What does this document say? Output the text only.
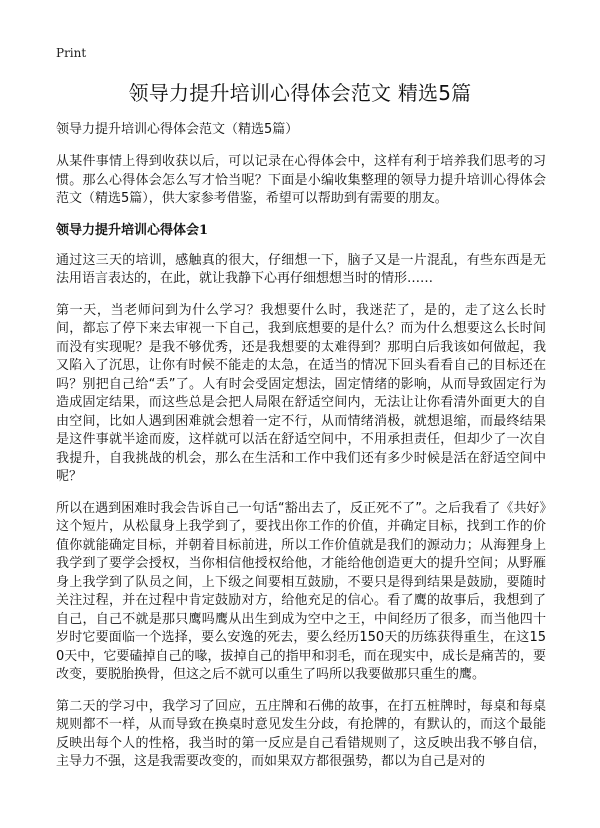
Print
领导力提升培训心得体会范文 精选5篇
领导力提升培训心得体会范文（精选5篇）

从某件事情上得到收获以后，可以记录在心得体会中，这样有利于培养我们思考的习惯。那么心得体会怎么写才恰当呢？下面是小编收集整理的领导力提升培训心得体会范文（精选5篇），供大家参考借鉴，希望可以帮助到有需要的朋友。

领导力提升培训心得体会1

通过这三天的培训，感触真的很大，仔细想一下，脑子又是一片混乱，有些东西是无法用语言表达的，在此，就让我静下心再仔细想想当时的情形……

第一天，当老师问到为什么学习？我想要什么时，我迷茫了，是的，走了这么长时间，都忘了停下来去审视一下自己，我到底想要的是什么？而为什么想要这么长时间而没有实现呢？是我不够优秀，还是我想要的太难得到？那明白后我该如何做起，我又陷入了沉思，让你有时候不能走的太急，在适当的情况下回头看看自己的目标还在吗？别把自己给“丢”了。人有时会受固定想法，固定情绪的影响，从而导致固定行为造成固定结果，而这些总是会把人局限在舒适空间内，无法让让你看清外面更大的自由空间，比如人遇到困难就会想着一定不行，从而情绪消极，就想退缩，而最终结果是这件事就半途而废，这样就可以活在舒适空间中，不用承担责任，但却少了一次自我提升，自我挑战的机会，那么在生活和工作中我们还有多少时候是活在舒适空间中呢？

所以在遇到困难时我会告诉自己一句话“豁出去了，反正死不了”。之后我看了《共好》这个短片，从松鼠身上我学到了，要找出你工作的价值，并确定目标，找到工作的价值你就能确定目标，并朝着目标前进，所以工作价值就是我们的源动力；从海狸身上我学到了要学会授权，当你相信他授权给他，才能给他创造更大的提升空间；从野雁身上我学到了队员之间，上下级之间要相互鼓励，不要只是得到结果是鼓励，要随时关注过程，并在过程中肯定鼓励对方，给他充足的信心。看了鹰的故事后，我想到了自己，自己不就是那只鹰吗鹰从出生到成为空中之王，中间经历了很多，而当他四十岁时它要面临一个选择，要么安逸的死去，要么经历150天的历练获得重生，在这150天中，它要磕掉自己的喙，拔掉自己的指甲和羽毛，而在现实中，成长是痛苦的，要改变，要脱胎换骨，但这之后不就可以重生了吗所以我要做那只重生的鹰。

第二天的学习中，我学习了回应，五庄牌和石佛的故事，在打五桩牌时，每桌和每桌规则都不一样，从而导致在换桌时意见发生分歧，有抢牌的，有默认的，而这个最能反映出每个人的性格，我当时的第一反应是自己看错规则了，这反映出我不够自信，主导力不强，这是我需要改变的，而如果双方都很强势，都以为自己是对的
